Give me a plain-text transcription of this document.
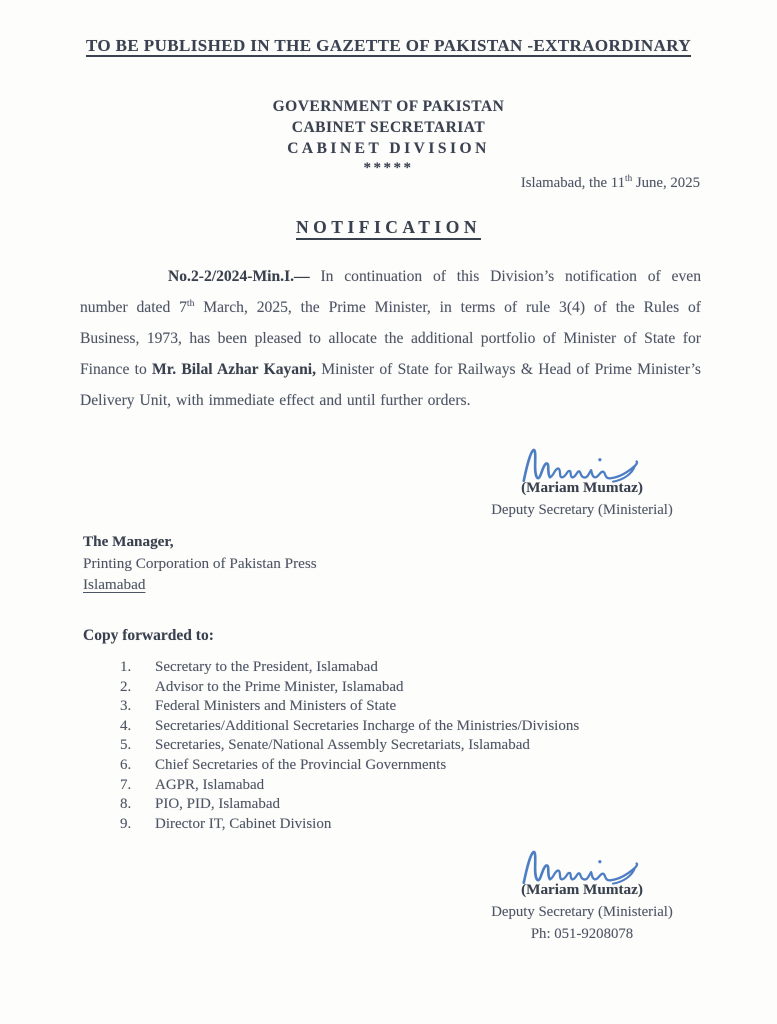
TO BE PUBLISHED IN THE GAZETTE OF PAKISTAN -EXTRAORDINARY
GOVERNMENT OF PAKISTAN
CABINET SECRETARIAT
CABINET DIVISION
*****
Islamabad, the 11th June, 2025
NOTIFICATION
No.2-2/2024-Min.I.— In continuation of this Division’s notification of even number dated 7th March, 2025, the Prime Minister, in terms of rule 3(4) of the Rules of Business, 1973, has been pleased to allocate the additional portfolio of Minister of State for Finance to Mr. Bilal Azhar Kayani, Minister of State for Railways & Head of Prime Minister’s Delivery Unit, with immediate effect and until further orders.
(Mariam Mumtaz)
Deputy Secretary (Ministerial)
The Manager,
Printing Corporation of Pakistan Press
Islamabad
Copy forwarded to:
Secretary to the President, Islamabad
Advisor to the Prime Minister, Islamabad
Federal Ministers and Ministers of State
Secretaries/Additional Secretaries Incharge of the Ministries/Divisions
Secretaries, Senate/National Assembly Secretariats, Islamabad
Chief Secretaries of the Provincial Governments
AGPR, Islamabad
PIO, PID, Islamabad
Director IT, Cabinet Division
(Mariam Mumtaz)
Deputy Secretary (Ministerial)
Ph: 051-9208078
